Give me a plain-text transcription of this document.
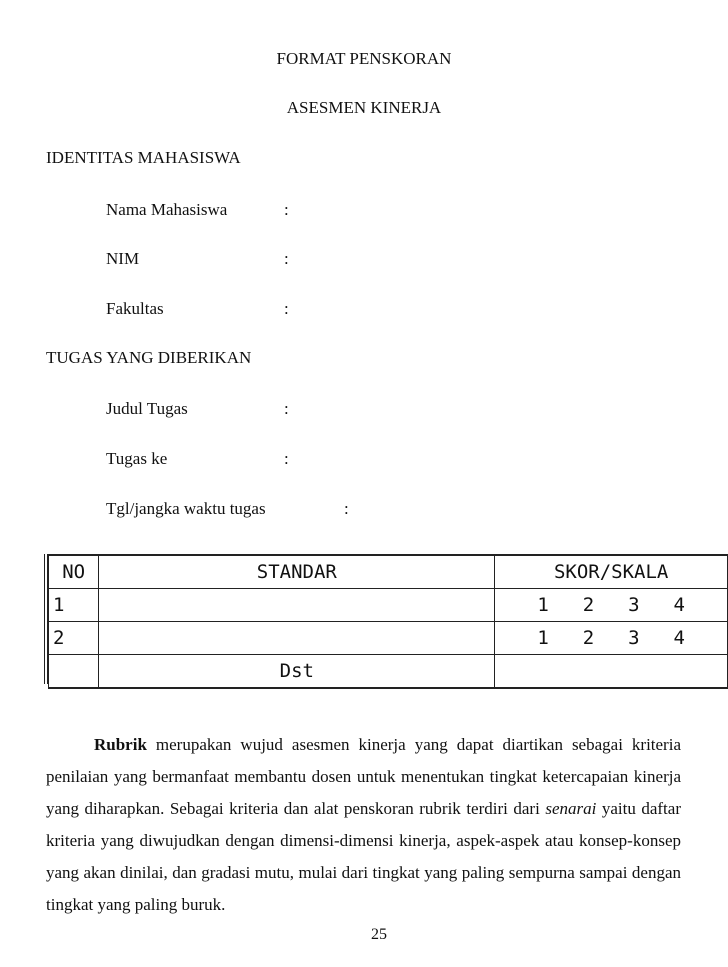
FORMAT PENSKORAN
ASESMEN KINERJA
IDENTITAS MAHASISWA
Nama Mahasiswa	:
NIM	:
Fakultas	:
TUGAS YANG DIBERIKAN
Judul Tugas	:
Tugas ke	:
Tgl/jangka waktu tugas	:
NO	STANDAR	SKOR/SKALA
1		1 2 3 4

2		1 2 3 4

	Dst	
Rubrik merupakan wujud asesmen kinerja yang dapat diartikan sebagai kriteria penilaian yang bermanfaat membantu dosen untuk menentukan tingkat ketercapaian kinerja yang diharapkan. Sebagai kriteria dan alat penskoran rubrik terdiri dari senarai yaitu daftar kriteria yang diwujudkan dengan dimensi-dimensi kinerja, aspek-aspek atau konsep-konsep yang akan dinilai, dan gradasi mutu, mulai dari tingkat yang paling sempurna sampai dengan tingkat yang paling buruk.
25
